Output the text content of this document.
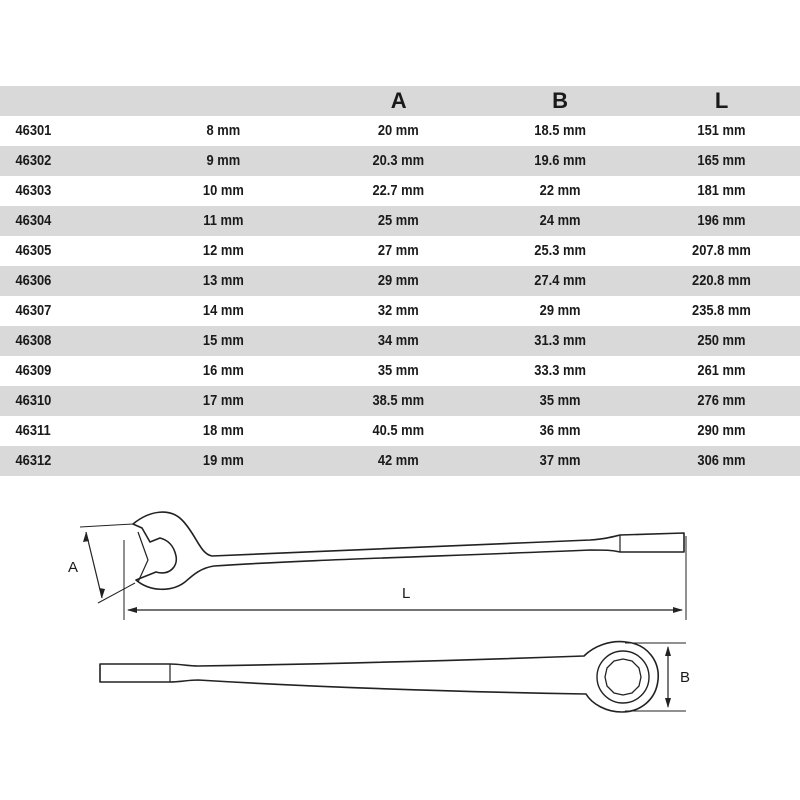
		A	B	L
46301	8 mm	20 mm	18.5 mm	151 mm
46302	9 mm	20.3 mm	19.6 mm	165 mm
46303	10 mm	22.7 mm	22 mm	181 mm
46304	11 mm	25 mm	24 mm	196 mm
46305	12 mm	27 mm	25.3 mm	207.8 mm
46306	13 mm	29 mm	27.4 mm	220.8 mm
46307	14 mm	32 mm	29 mm	235.8 mm
46308	15 mm	34 mm	31.3 mm	250 mm
46309	16 mm	35 mm	33.3 mm	261 mm
46310	17 mm	38.5 mm	35 mm	276 mm
46311	18 mm	40.5 mm	36 mm	290 mm
46312	19 mm	42 mm	37 mm	306 mm
A
L
B
